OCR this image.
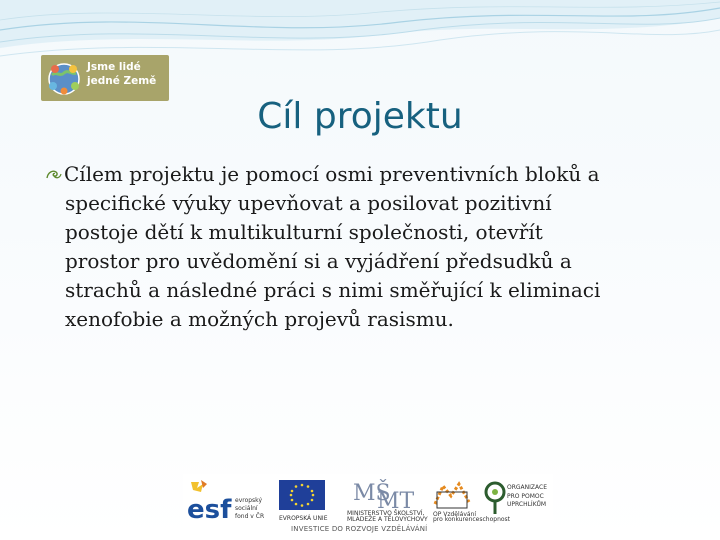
Jsme lidé
jedné Země
Cíl projektu

Cílem projektu je pomocí osmi preventivních bloků a
specifické výuky upevňovat a posilovat pozitivní
postoje dětí k multikulturní společnosti, otevřít
prostor pro uvědomění si a vyjádření předsudků a
strachů a následné práci s nimi směřující k eliminaci
xenofobie a možných projevů rasismu.

esf evropský
sociální
fond v ČR EVROPSKÁ UNIE
MŠ
MT
MINISTERSTVO ŠKOLSTVÍ,
MLÁDEŽE A TĚLOVÝCHOVY
OP Vzdělávání
pro konkurenceschopnost
ORGANIZACE
PRO POMOC
UPRCHLÍKŮM
INVESTICE DO ROZVOJE VZDĚLÁVÁNÍ
